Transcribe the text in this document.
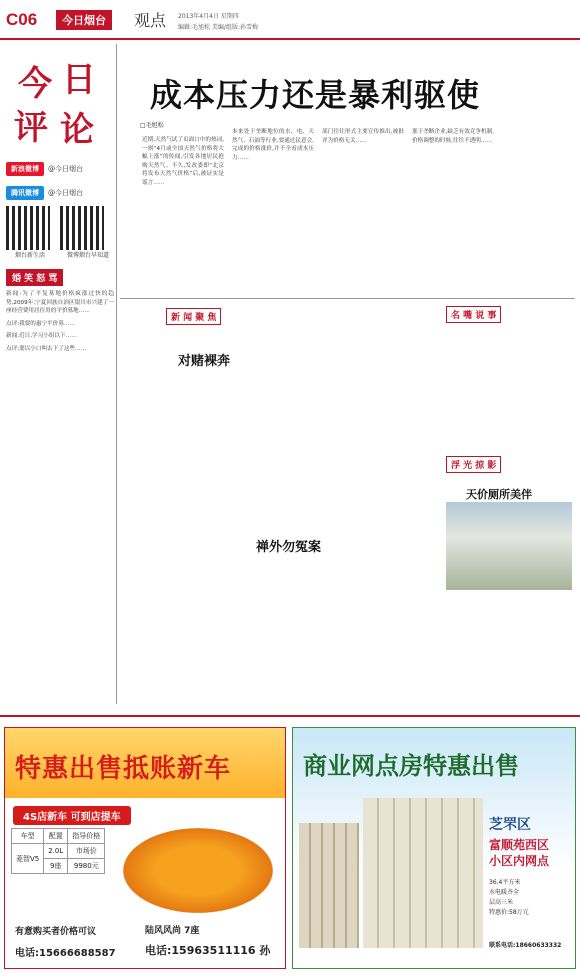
C06	今日烟台	观点 2013年4月4日 星期四
编辑:毛旭松 美编/组版:孙雪梅
今 日
评 论
新浪微博	@今日烟台
腾讯微博	@今日烟台
烟台新生活	微博烟台早知道
婚 笑 怒 骂

新闻:为了平复墓地价格疯涨过快的趋势,2009年,宁夏回族自治区银川市兴建了一座经营费用居住用的平价墓地……

点评:我要的惠宁平价墓……

新闻:近日,学习小组以下……

点评:要以小口叫去下了这些……

成本压力还是暴利驱使
□毛旭松
近期,天然气试了页面口中的热词,一则“4月或全国天然气价格将大幅上涨”的传闻,引发各地居民抢购天然气。不久,发改委即“北京将发布天然气价格”后,被证实是谣言……
本来处于垄断地位的水、电、天然气、石油等行业,要通过民意会,完成的价格涨价,并不全看成本压力……
部门往往形式主要宣传推出,被批评为价格无关……
那于垄断企业,缺乏有效竞争机制,价格调整的时候,往往不透明……
新 闻 聚 焦
对赌裸奔
禅外勿冤案
名 嘴 说 事
浮 光 掠 影
天价厕所美伴
特惠出售抵账新车
4S店新车 可到店提车
车型	配置	指导价格
菱智V5	2.0L	市场价
	9座	9980元
陆风风尚 7座
电话:15963511116 孙
有意购买者价格可议
电话:15666688587
商业网点房特惠出售
芝罘区
富顺苑西区
小区内网点
36.4平方米
水电暖齐全
层高三米
特惠价:58万元
联系电话:18660633332
